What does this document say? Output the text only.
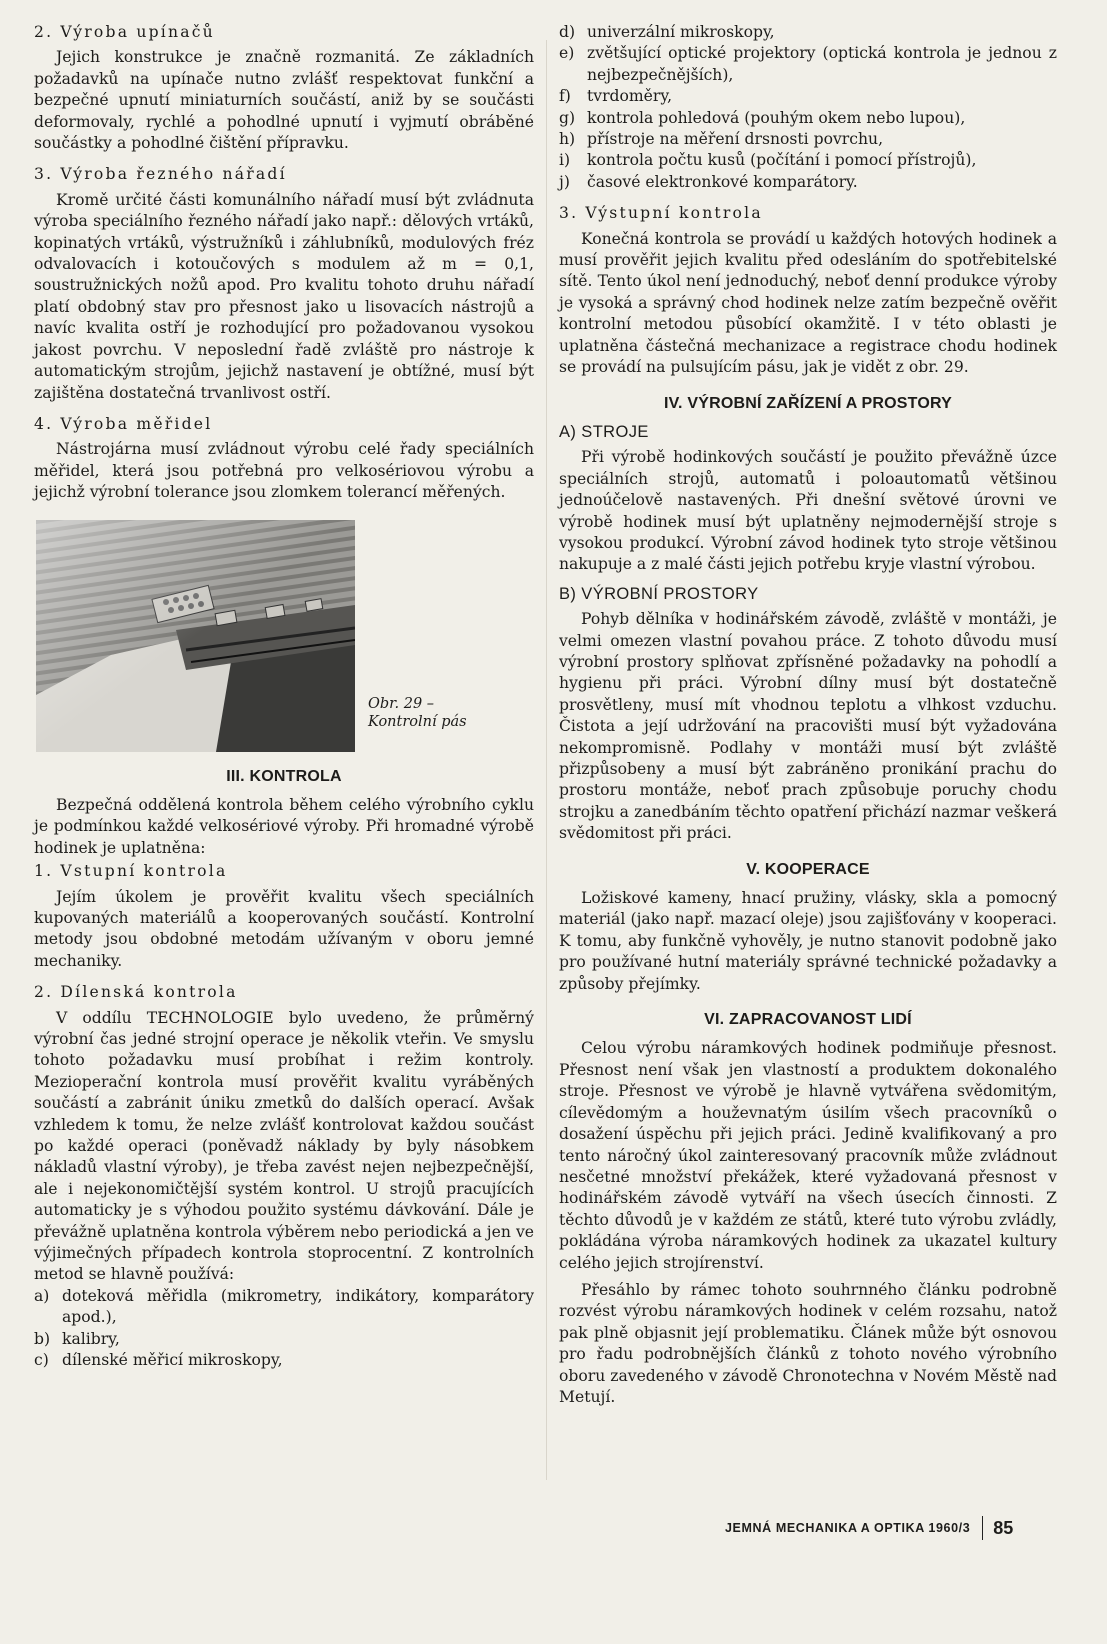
2. Výroba upínačů

Jejich konstrukce je značně rozmanitá. Ze základních požadavků na upínače nutno zvlášť respektovat funkční a bezpečné upnutí miniaturních součástí, aniž by se součásti deformovaly, rychlé a pohodlné upnutí i vyjmutí obráběné součástky a pohodlné čištění přípravku.

3. Výroba řezného nářadí

Kromě určité části komunálního nářadí musí být zvládnuta výroba speciálního řezného nářadí jako např.: dělových vrtáků, kopinatých vrtáků, výstružníků i záhlubníků, modulových fréz odvalovacích i kotoučových s modulem až m = 0,1, soustružnických nožů apod. Pro kvalitu tohoto druhu nářadí platí obdobný stav pro přesnost jako u lisovacích nástrojů a navíc kvalita ostří je rozhodující pro požadovanou vysokou jakost povrchu. V neposlední řadě zvláště pro nástroje k automatickým strojům, jejichž nastavení je obtížné, musí být zajištěna dostatečná trvanlivost ostří.

4. Výroba měřidel

Nástrojárna musí zvládnout výrobu celé řady speciálních měřidel, která jsou potřebná pro velkosériovou výrobu a jejichž výrobní tolerance jsou zlomkem tolerancí měřených.

Obr. 29 –
Kontrolní pás
III. KONTROLA

Bezpečná oddělená kontrola během celého výrobního cyklu je podmínkou každé velkosériové výroby. Při hromadné výrobě hodinek je uplatněna:

1. Vstupní kontrola

Jejím úkolem je prověřit kvalitu všech speciálních kupovaných materiálů a kooperovaných součástí. Kontrolní metody jsou obdobné metodám užívaným v oboru jemné mechaniky.

2. Dílenská kontrola

V oddílu TECHNOLOGIE bylo uvedeno, že průměrný výrobní čas jedné strojní operace je několik vteřin. Ve smyslu tohoto požadavku musí probíhat i režim kontroly. Mezioperační kontrola musí prověřit kvalitu vyráběných součástí a zabránit úniku zmetků do dalších operací. Avšak vzhledem k tomu, že nelze zvlášť kontrolovat každou součást po každé operaci (poněvadž náklady by byly násobkem nákladů vlastní výroby), je třeba zavést nejen nejbezpečnější, ale i nejekonomičtější systém kontrol. U strojů pracujících automaticky je s výhodou použito systému dávkování. Dále je převážně uplatněna kontrola výběrem nebo periodická a jen ve výjimečných případech kontrola stoprocentní. Z kontrolních metod se hlavně používá:

a) doteková měřidla (mikrometry, indikátory, komparátory apod.),
b) kalibry,
c) dílenské měřicí mikroskopy,
d) univerzální mikroskopy,
e) zvětšující optické projektory (optická kontrola je jednou z nejbezpečnějších),
f) tvrdoměry,
g) kontrola pohledová (pouhým okem nebo lupou),
h) přístroje na měření drsnosti povrchu,
i) kontrola počtu kusů (počítání i pomocí přístrojů),
j) časové elektronkové komparátory.
3. Výstupní kontrola

Konečná kontrola se provádí u každých hotových hodinek a musí prověřit jejich kvalitu před odesláním do spotřebitelské sítě. Tento úkol není jednoduchý, neboť denní produkce výroby je vysoká a správný chod hodinek nelze zatím bezpečně ověřit kontrolní metodou působící okamžitě. I v této oblasti je uplatněna částečná mechanizace a registrace chodu hodinek se provádí na pulsujícím pásu, jak je vidět z obr. 29.

IV. VÝROBNÍ ZAŘÍZENÍ A PROSTORY
A) STROJE

Při výrobě hodinkových součástí je použito převážně úzce speciálních strojů, automatů i poloautomatů většinou jednoúčelově nastavených. Při dnešní světové úrovni ve výrobě hodinek musí být uplatněny nejmodernější stroje s vysokou produkcí. Výrobní závod hodinek tyto stroje většinou nakupuje a z malé části jejich potřebu kryje vlastní výrobou.

B) VÝROBNÍ PROSTORY

Pohyb dělníka v hodinářském závodě, zvláště v montáži, je velmi omezen vlastní povahou práce. Z tohoto důvodu musí výrobní prostory splňovat zpřísněné požadavky na pohodlí a hygienu při práci. Výrobní dílny musí být dostatečně prosvětleny, musí mít vhodnou teplotu a vlhkost vzduchu. Čistota a její udržování na pracovišti musí být vyžadována nekompromisně. Podlahy v montáži musí být zvláště přizpůsobeny a musí být zabráněno pronikání prachu do prostoru montáže, neboť prach způsobuje poruchy chodu strojku a zanedbáním těchto opatření přichází nazmar veškerá svědomitost při práci.

V. KOOPERACE

Ložiskové kameny, hnací pružiny, vlásky, skla a pomocný materiál (jako např. mazací oleje) jsou zajišťovány v kooperaci. K tomu, aby funkčně vyhověly, je nutno stanovit podobně jako pro používané hutní materiály správné technické požadavky a způsoby přejímky.

VI. ZAPRACOVANOST LIDÍ

Celou výrobu náramkových hodinek podmiňuje přesnost. Přesnost není však jen vlastností a produktem dokonalého stroje. Přesnost ve výrobě je hlavně vytvářena svědomitým, cílevědomým a houževnatým úsilím všech pracovníků o dosažení úspěchu při jejich práci. Jedině kvalifikovaný a pro tento náročný úkol zainteresovaný pracovník může zvládnout nesčetné množství překážek, které vyžadovaná přesnost v hodinářském závodě vytváří na všech úsecích činnosti. Z těchto důvodů je v každém ze států, které tuto výrobu zvládly, pokládána výroba náramkových hodinek za ukazatel kultury celého jejich strojírenství.

Přesáhlo by rámec tohoto souhrnného článku podrobně rozvést výrobu náramkových hodinek v celém rozsahu, natož pak plně objasnit její problematiku. Článek může být osnovou pro řadu podrobnějších článků z tohoto nového výrobního oboru zavedeného v závodě Chronotechna v Novém Městě nad Metují.

JEMNÁ MECHANIKA A OPTIKA 1960/3 85
